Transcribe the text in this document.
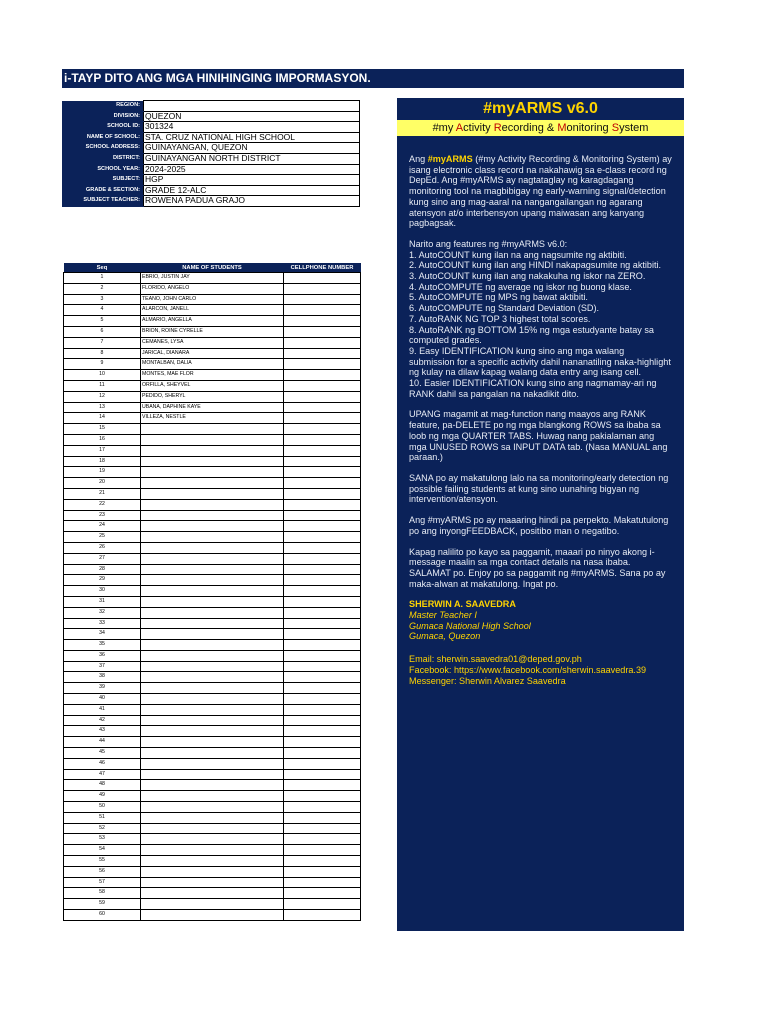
i-TAYP DITO ANG MGA HINIHINGING IMPORMASYON.
REGION:	
DIVISION:	QUEZON
SCHOOL ID:	301324
NAME OF SCHOOL:	STA. CRUZ NATIONAL HIGH SCHOOL
SCHOOL ADDRESS:	GUINAYANGAN, QUEZON
DISTRICT:	GUINAYANGAN NORTH DISTRICT
SCHOOL YEAR:	2024-2025
SUBJECT:	HGP
GRADE & SECTION:	GRADE 12-ALC
SUBJECT TEACHER:	ROWENA PADUA GRAJO
Seq	NAME OF STUDENTS	CELLPHONE NUMBER
1	EBRIO, JUSTIN JAY	
2	FLORIDO, ANGELO	
3	TEANO, JOHN CARLO	
4	ALARCON, JANELL	
5	ALMARIO, ANGELLA	
6	BRION, ROINE CYRELLE	
7	CEMANES, LYSA	
8	JARICAL, DIANARA	
9	MONTALBAN, DALIA	
10	MONTES, MAE FLOR	
11	ORFILLA, SHEYVEL	
12	PEDIDO, SHERYL	
13	UBANA, DAPHINE KAYE	
14	VILLEZA, NESTLE	
15		
16		
17		
18		
19		
20		
21		
22		
23		
24		
25		
26		
27		
28		
29		
30		
31		
32		
33		
34		
35		
36		
37		
38		
39		
40		
41		
42		
43		
44		
45		
46		
47		
48		
49		
50		
51		
52		
53		
54		
55		
56		
57		
58		
59		
60		
#myARMS v6.0
#my Activity Recording & Monitoring System

Ang #myARMS (#my Activity Recording & Monitoring System) ay isang electronic class record na nakahawig sa e-class record ng DepEd. Ang #myARMS ay nagtataglay ng karagdagang monitoring tool na magbibigay ng early-warning signal/detection kung sino ang mag-aaral na nangangailangan ng agarang atensyon at/o interbensyon upang maiwasan ang kanyang pagbagsak.

Narito ang features ng #myARMS v6.0:
1. AutoCOUNT kung ilan na ang nagsumite ng aktibiti.
2. AutoCOUNT kung ilan ang HINDI nakapagsumite ng aktibiti.
3. AutoCOUNT kung ilan ang nakakuha ng iskor na ZERO.
4. AutoCOMPUTE ng average ng iskor ng buong klase.
5. AutoCOMPUTE ng MPS ng bawat aktibiti.
6. AutoCOMPUTE ng Standard Deviation (SD).
7. AutoRANK NG TOP 3 highest total scores.
8. AutoRANK ng BOTTOM 15% ng mga estudyante batay sa computed grades.
9. Easy IDENTIFICATION kung sino ang mga walang submission for a specific activity dahil nananatiling naka-highlight ng kulay na dilaw kapag walang data entry ang isang cell.
10. Easier IDENTIFICATION kung sino ang nagmamay-ari ng RANK dahil sa pangalan na nakadikit dito.

UPANG magamit at mag-function nang maayos ang RANK feature, pa-DELETE po ng mga blangkong ROWS sa ibaba sa loob ng mga QUARTER TABS. Huwag nang pakialaman ang mga UNUSED ROWS sa INPUT DATA tab. (Nasa MANUAL ang paraan.)

SANA po ay makatulong lalo na sa monitoring/early detection ng possible failing students at kung sino uunahing bigyan ng intervention/atensyon.

Ang #myARMS po ay maaaring hindi pa perpekto. Makatutulong po ang inyongFEEDBACK, positibo man o negatibo.

Kapag nalilito po kayo sa paggamit, maaari po ninyo akong i-message maalin sa mga contact details na nasa ibaba. SALAMAT po. Enjoy po sa paggamit ng #myARMS. Sana po ay maka-alwan at makatulong. Ingat po.

SHERWIN A. SAAVEDRA
Master Teacher I
Gumaca National High School
Gumaca, Quezon

Email: sherwin.saavedra01@deped.gov.ph
Facebook: https://www.facebook.com/sherwin.saavedra.39
Messenger: Sherwin Alvarez Saavedra
